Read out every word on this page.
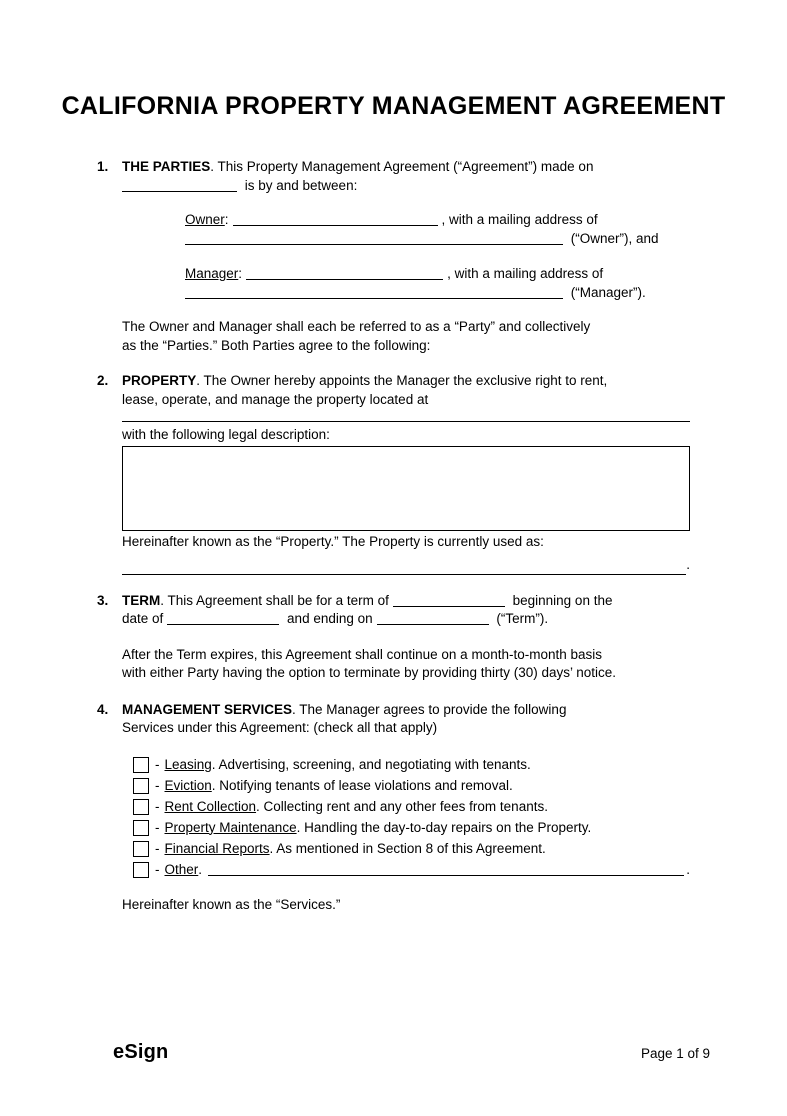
CALIFORNIA PROPERTY MANAGEMENT AGREEMENT
1.	THE PARTIES. This Property Management Agreement (“Agreement”) made on
is by and between:
Owner:	, with a mailing address of
(“Owner”), and
Manager:	, with a mailing address of
(“Manager”).
The Owner and Manager shall each be referred to as a “Party” and collectively
as the “Parties.” Both Parties agree to the following:
2.	PROPERTY. The Owner hereby appoints the Manager the exclusive right to rent,
lease, operate, and manage the property located at
with the following legal description:
Hereinafter known as the “Property.” The Property is currently used as:
.
3.	TERM. This Agreement shall be for a term of	beginning on the
date of	and ending on	(“Term”).
After the Term expires, this Agreement shall continue on a month-to-month basis
with either Party having the option to terminate by providing thirty (30) days’ notice.
4.	MANAGEMENT SERVICES. The Manager agrees to provide the following
Services under this Agreement: (check all that apply)
- Leasing . Advertising, screening, and negotiating with tenants.
- Eviction . Notifying tenants of lease violations and removal.
- Rent Collection . Collecting rent and any other fees from tenants.
- Property Maintenance . Handling the day-to-day repairs on the Property.
- Financial Reports . As mentioned in Section 8 of this Agreement.
- Other .	.
Hereinafter known as the “Services.”
eSign	Page 1 of 9
